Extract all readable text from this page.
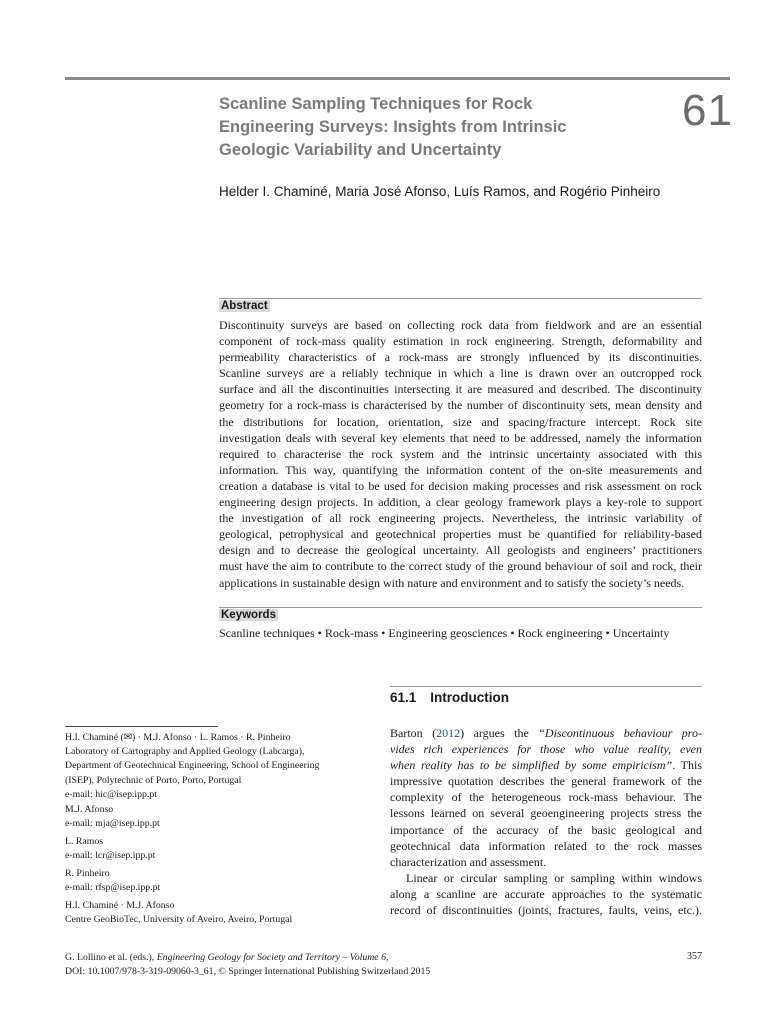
Scanline Sampling Techniques for Rock
Engineering Surveys: Insights from Intrinsic
Geologic Variability and Uncertainty
61
Helder I. Chaminé, Maria José Afonso, Luís Ramos, and Rogério Pinheiro
Abstract
Discontinuity surveys are based on collecting rock data from fieldwork and are an essential
component of rock-mass quality estimation in rock engineering. Strength, deformability and
permeability characteristics of a rock-mass are strongly influenced by its discontinuities.
Scanline surveys are a reliably technique in which a line is drawn over an outcropped rock
surface and all the discontinuities intersecting it are measured and described. The discontinuity
geometry for a rock-mass is characterised by the number of discontinuity sets, mean density and
the distributions for location, orientation, size and spacing/fracture intercept. Rock site
investigation deals with several key elements that need to be addressed, namely the information
required to characterise the rock system and the intrinsic uncertainty associated with this
information. This way, quantifying the information content of the on-site measurements and
creation a database is vital to be used for decision making processes and risk assessment on rock
engineering design projects. In addition, a clear geology framework plays a key-role to support
the investigation of all rock engineering projects. Nevertheless, the intrinsic variability of
geological, petrophysical and geotechnical properties must be quantified for reliability-based
design and to decrease the geological uncertainty. All geologists and engineers’ practitioners
must have the aim to contribute to the correct study of the ground behaviour of soil and rock, their
applications in sustainable design with nature and environment and to satisfy the society’s needs.
Keywords
Scanline techniques • Rock-mass • Engineering geosciences • Rock engineering • Uncertainty
61.1 Introduction
Barton (2012) argues the “Discontinuous behaviour pro-
vides rich experiences for those who value reality, even
when reality has to be simplified by some empiricism”. This
impressive quotation describes the general framework of the
complexity of the heterogeneous rock-mass behaviour. The
lessons learned on several geoengineering projects stress the
importance of the accuracy of the basic geological and
geotechnical data information related to the rock masses
characterization and assessment.
Linear or circular sampling or sampling within windows
along a scanline are accurate approaches to the systematic
record of discontinuities (joints, fractures, faults, veins, etc.).
H.I. Chaminé (✉) · M.J. Afonso · L. Ramos · R. Pinheiro
Laboratory of Cartography and Applied Geology (Labcarga),
Department of Geotechnical Engineering, School of Engineering
(ISEP), Polytechnic of Porto, Porto, Portugal
e-mail: hic@isep.ipp.pt
M.J. Afonso
e-mail: mja@isep.ipp.pt
L. Ramos
e-mail: lcr@isep.ipp.pt
R. Pinheiro
e-mail: rfsp@isep.ipp.pt
H.I. Chaminé · M.J. Afonso
Centre GeoBioTec, University of Aveiro, Aveiro, Portugal
G. Lollino et al. (eds.), Engineering Geology for Society and Territory – Volume 6,
DOI: 10.1007/978-3-319-09060-3_61, © Springer International Publishing Switzerland 2015
357
